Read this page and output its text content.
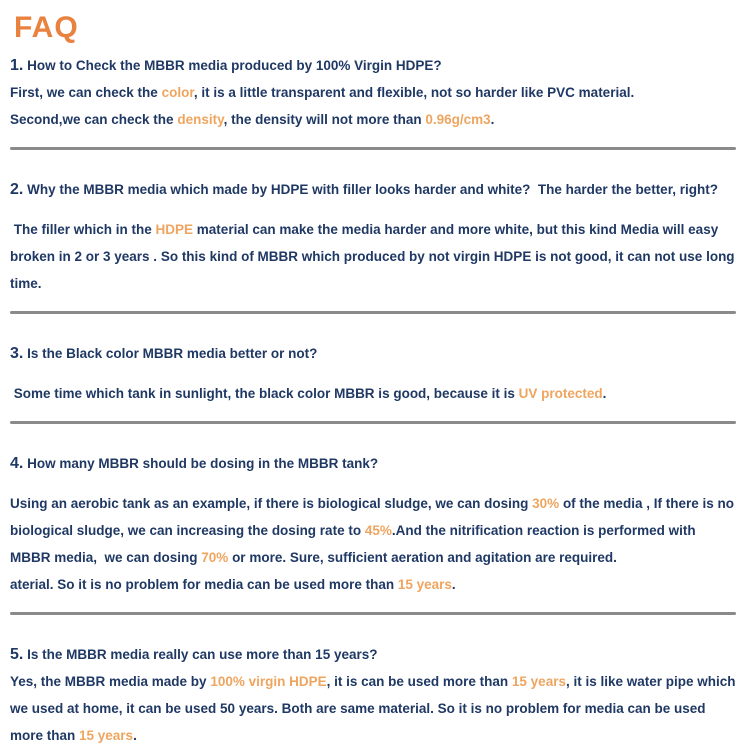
FAQ
1. How to Check the MBBR media produced by 100% Virgin HDPE?

First, we can check the color, it is a little transparent and flexible, not so harder like PVC material.

Second,we can check the density, the density will not more than 0.96g/cm3.

2. Why the MBBR media which made by HDPE with filler looks harder and white?  The harder the better, right?

The filler which in the HDPE material can make the media harder and more white, but this kind Media will easy broken in 2 or 3 years . So this kind of MBBR which produced by not virgin HDPE is not good, it can not use long time.

3. Is the Black color MBBR media better or not?

Some time which tank in sunlight, the black color MBBR is good, because it is UV protected.

4. How many MBBR should be dosing in the MBBR tank?

Using an aerobic tank as an example, if there is biological sludge, we can dosing 30% of the media , If there is no biological sludge, we can increasing the dosing rate to 45%.And the nitrification reaction is performed with MBBR media,  we can dosing 70% or more. Sure, sufficient aeration and agitation are required.

aterial. So it is no problem for media can be used more than 15 years.

5. Is the MBBR media really can use more than 15 years?

Yes, the MBBR media made by 100% virgin HDPE, it is can be used more than 15 years, it is like water pipe which we used at home, it can be used 50 years. Both are same material. So it is no problem for media can be used more than 15 years.
